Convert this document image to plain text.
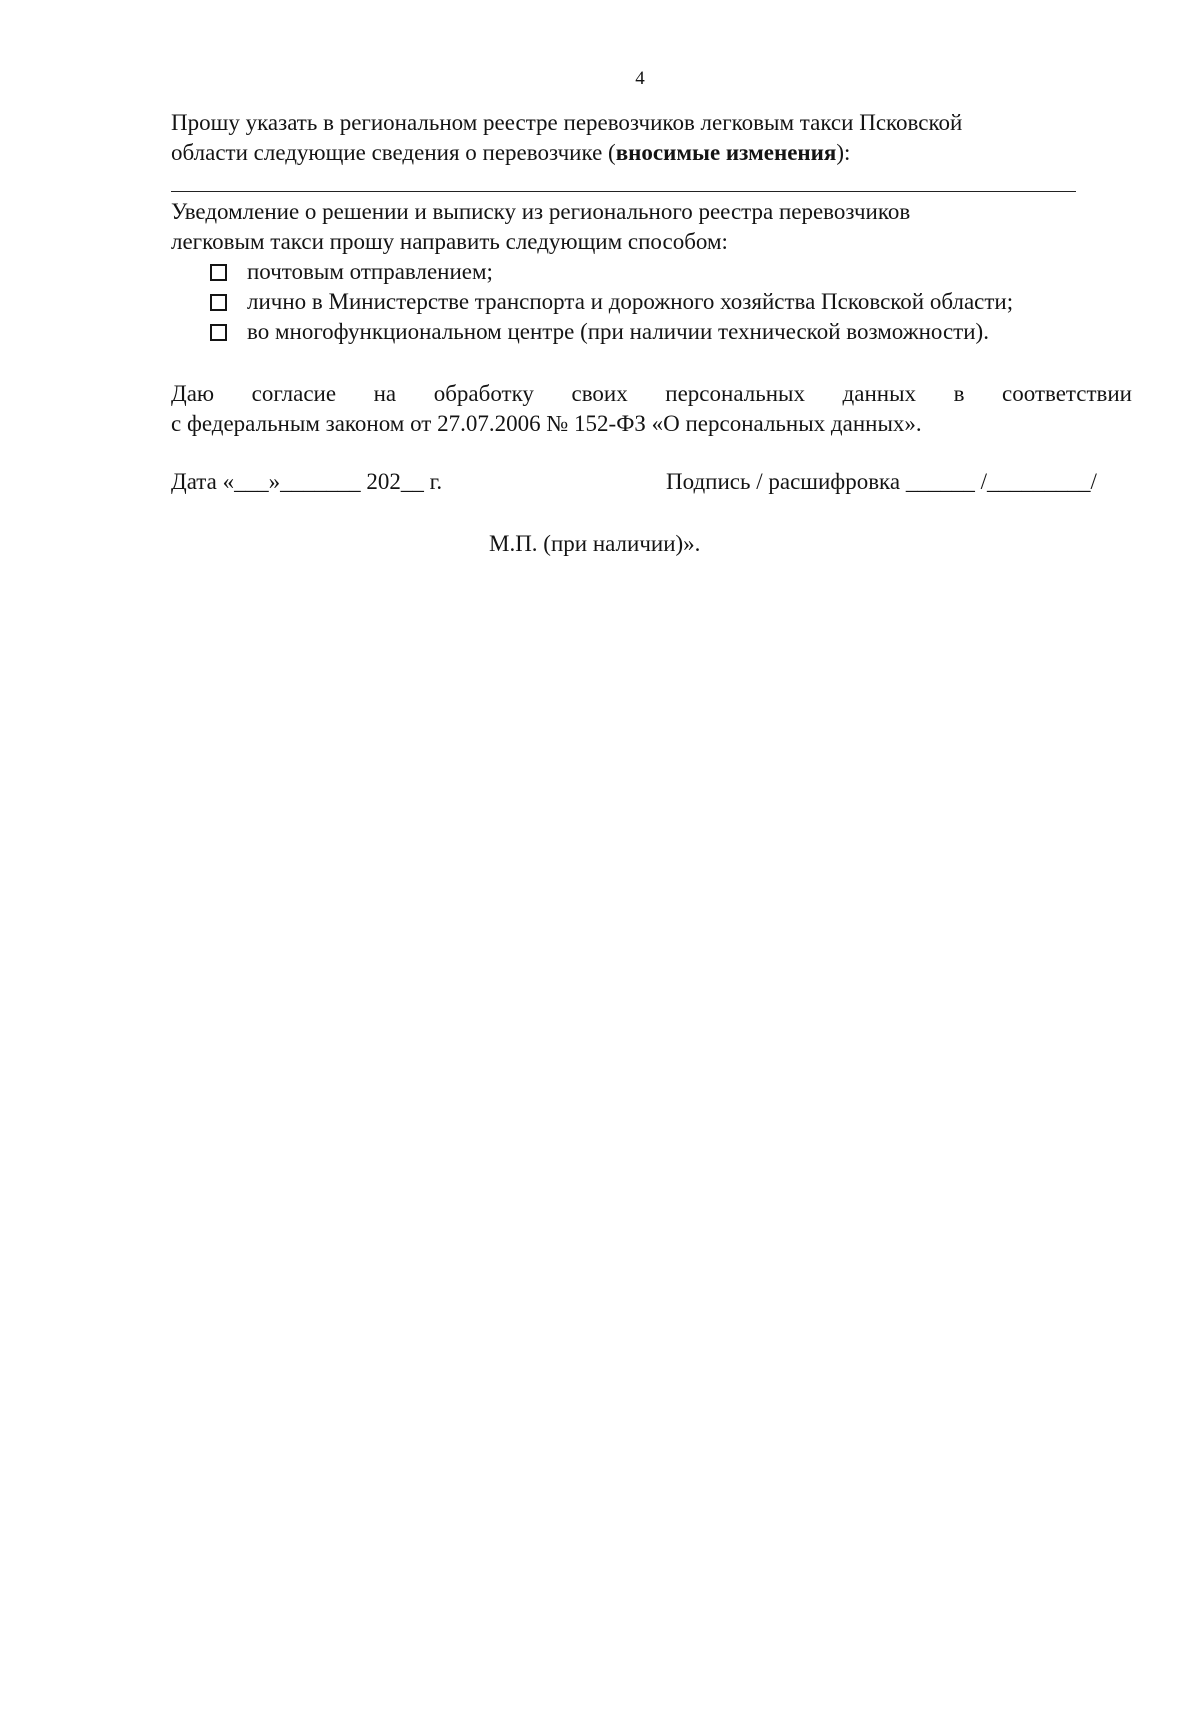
4

Прошу указать в региональном реестре перевозчиков легковым такси Псковской

области следующие сведения о перевозчике (вносимые изменения):

Уведомление о решении и выписку из регионального реестра перевозчиков

легковым такси прошу направить следующим способом:

почтовым отправлением;
лично в Министерстве транспорта и дорожного хозяйства Псковской области;
во многофункциональном центре (при наличии технической возможности).

Даю согласие на обработку своих персональных данных в соответствии

с федеральным законом от 27.07.2006 № 152-ФЗ «О персональных данных».

Дата «___»_______ 202__ г.	Подпись / расшифровка ______ /_________/
М.П. (при наличии)».
